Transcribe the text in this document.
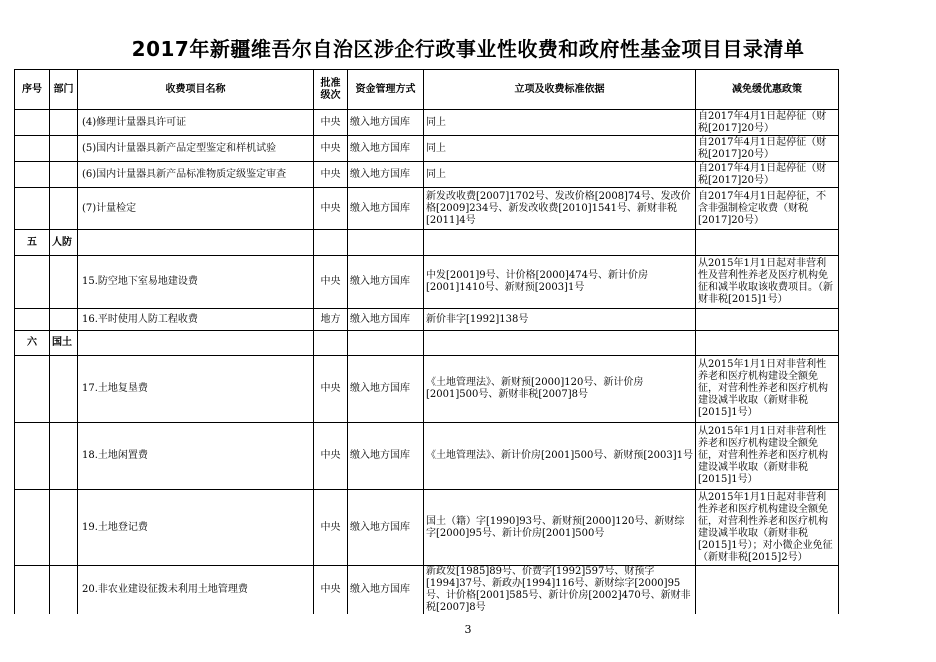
2017年新疆维吾尔自治区涉企行政事业性收费和政府性基金项目目录清单
序号	部门	收费项目名称	批准级次	资金管理方式	立项及收费标准依据	减免缓优惠政策
		(4)修理计量器具许可证	中央	缴入地方国库	同上	自2017年4月1日起停征（财税[2017]20号）
		(5)国内计量器具新产品定型鉴定和样机试验	中央	缴入地方国库	同上	自2017年4月1日起停征（财税[2017]20号）
		(6)国内计量器具新产品标准物质定级鉴定审查	中央	缴入地方国库	同上	自2017年4月1日起停征（财税[2017]20号）
		(7)计量检定	中央	缴入地方国库	新发改收费[2007]1702号、发改价格[2008]74号、发改价格[2009]234号、新发改收费[2010]1541号、新财非税[2011]4号	自2017年4月1日起停征，不含非强制检定收费（财税[2017]20号）
五	人防					
		15.防空地下室易地建设费	中央	缴入地方国库	中发[2001]9号、计价格[2000]474号、新计价房[2001]1410号、新财预[2003]1号	从2015年1月1日起对非营利性及营利性养老及医疗机构免征和减半收取该收费项目。（新财非税[2015]1号）
		16.平时使用人防工程收费	地方	缴入地方国库	新价非字[1992]138号	
六	国土					
		17.土地复垦费	中央	缴入地方国库	《土地管理法》、新财预[2000]120号、新计价房[2001]500号、新财非税[2007]8号	从2015年1月1日对非营利性养老和医疗机构建设全额免征，对营利性养老和医疗机构建设减半收取（新财非税[2015]1号）
		18.土地闲置费	中央	缴入地方国库	《土地管理法》、新计价房[2001]500号、新财预[2003]1号	从2015年1月1日对非营利性养老和医疗机构建设全额免征，对营利性养老和医疗机构建设减半收取（新财非税[2015]1号）
		19.土地登记费	中央	缴入地方国库	国土（籍）字[1990]93号、新财预[2000]120号、新财综字[2000]95号、新计价房[2001]500号	从2015年1月1日起对非营利性养老和医疗机构建设全额免征，对营利性养老和医疗机构建设减半收取（新财非税[2015]1号）；对小微企业免征（新财非税[2015]2号）
		20.非农业建设征拨未利用土地管理费	中央	缴入地方国库	新政发[1985]89号、价费字[1992]597号、财预字[1994]37号、新政办[1994]116号、新财综字[2000]95号、计价格[2001]585号、新计价房[2002]470号、新财非税[2007]8号	
3
